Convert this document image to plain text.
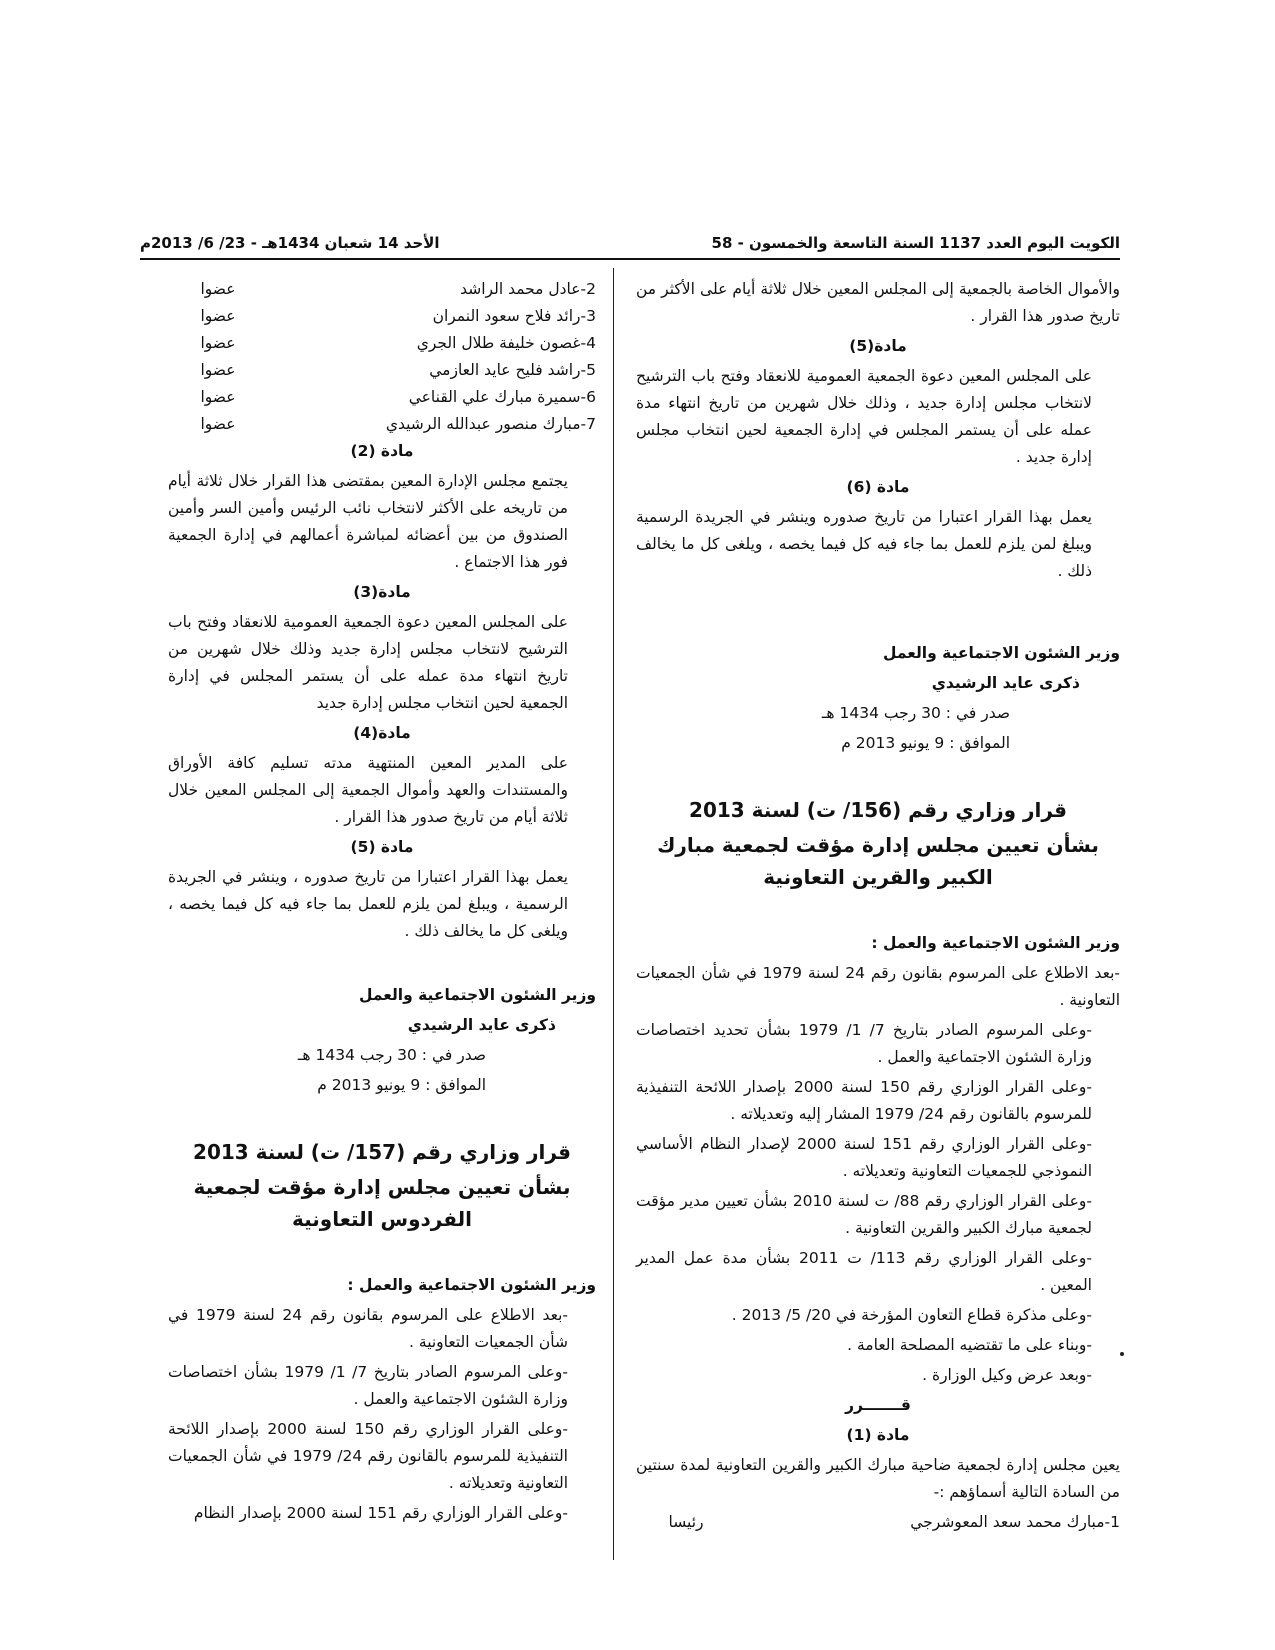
الكويت اليوم العدد 1137 السنة التاسعة والخمسون - 58
الأحد 14 شعبان 1434هـ - 23/ 6/ 2013م

والأموال الخاصة بالجمعية إلى المجلس المعين خلال ثلاثة أيام على الأكثر من تاريخ صدور هذا القرار .

مادة(5)

على المجلس المعين دعوة الجمعية العمومية للانعقاد وفتح باب الترشيح لانتخاب مجلس إدارة جديد ، وذلك خلال شهرين من تاريخ انتهاء مدة عمله على أن يستمر المجلس في إدارة الجمعية لحين انتخاب مجلس إدارة جديد .

مادة (6)

يعمل بهذا القرار اعتبارا من تاريخ صدوره وينشر في الجريدة الرسمية ويبلغ لمن يلزم للعمل بما جاء فيه كل فيما يخصه ، ويلغى كل ما يخالف ذلك .

وزير الشئون الاجتماعية والعمل

ذكرى عايد الرشيدي

صدر في : 30 رجب 1434 هـ

الموافق : 9 يونيو 2013 م

قرار وزاري رقم (156/ ت) لسنة 2013

بشأن تعيين مجلس إدارة مؤقت لجمعية مبارك الكبير والقرين التعاونية

وزير الشئون الاجتماعية والعمل :

-بعد الاطلاع على المرسوم بقانون رقم 24 لسنة 1979 في شأن الجمعيات التعاونية .

-وعلى المرسوم الصادر بتاريخ 7/ 1/ 1979 بشأن تحديد اختصاصات وزارة الشئون الاجتماعية والعمل .

-وعلى القرار الوزاري رقم 150 لسنة 2000 بإصدار اللائحة التنفيذية للمرسوم بالقانون رقم 24/ 1979 المشار إليه وتعديلاته .

-وعلى القرار الوزاري رقم 151 لسنة 2000 لإصدار النظام الأساسي النموذجي للجمعيات التعاونية وتعديلاته .

-وعلى القرار الوزاري رقم 88/ ت لسنة 2010 بشأن تعيين مدير مؤقت لجمعية مبارك الكبير والقرين التعاونية .

-وعلى القرار الوزاري رقم 113/ ت 2011 بشأن مدة عمل المدير المعين .

-وعلى مذكرة قطاع التعاون المؤرخة في 20/ 5/ 2013 .

-وبناء على ما تقتضيه المصلحة العامة .

-وبعد عرض وكيل الوزارة .

قـــــــرر

مادة (1)

يعين مجلس إدارة لجمعية ضاحية مبارك الكبير والقرين التعاونية لمدة سنتين من السادة التالية أسماؤهم :-

1-مبارك محمد سعد المعوشرجي
رئيسا
2-عادل محمد الراشد
عضوا
3-رائد فلاح سعود النمران
عضوا
4-غصون خليفة طلال الجري
عضوا
5-راشد فليح عايد العازمي
عضوا
6-سميرة مبارك علي القناعي
عضوا
7-مبارك منصور عبدالله الرشيدي
عضوا

مادة (2)

يجتمع مجلس الإدارة المعين بمقتضى هذا القرار خلال ثلاثة أيام من تاريخه على الأكثر لانتخاب نائب الرئيس وأمين السر وأمين الصندوق من بين أعضائه لمباشرة أعمالهم في إدارة الجمعية فور هذا الاجتماع .

مادة(3)

على المجلس المعين دعوة الجمعية العمومية للانعقاد وفتح باب الترشيح لانتخاب مجلس إدارة جديد وذلك خلال شهرين من تاريخ انتهاء مدة عمله على أن يستمر المجلس في إدارة الجمعية لحين انتخاب مجلس إدارة جديد

مادة(4)

على المدير المعين المنتهية مدته تسليم كافة الأوراق والمستندات والعهد وأموال الجمعية إلى المجلس المعين خلال ثلاثة أيام من تاريخ صدور هذا القرار .

مادة (5)

يعمل بهذا القرار اعتبارا من تاريخ صدوره ، وينشر في الجريدة الرسمية ، ويبلغ لمن يلزم للعمل بما جاء فيه كل فيما يخصه ، ويلغى كل ما يخالف ذلك .

وزير الشئون الاجتماعية والعمل

ذكرى عايد الرشيدي

صدر في : 30 رجب 1434 هـ

الموافق : 9 يونيو 2013 م

قرار وزاري رقم (157/ ت) لسنة 2013

بشأن تعيين مجلس إدارة مؤقت لجمعية الفردوس التعاونية

وزير الشئون الاجتماعية والعمل :

-بعد الاطلاع على المرسوم بقانون رقم 24 لسنة 1979 في شأن الجمعيات التعاونية .

-وعلى المرسوم الصادر بتاريخ 7/ 1/ 1979 بشأن اختصاصات وزارة الشئون الاجتماعية والعمل .

-وعلى القرار الوزاري رقم 150 لسنة 2000 بإصدار اللائحة التنفيذية للمرسوم بالقانون رقم 24/ 1979 في شأن الجمعيات التعاونية وتعديلاته .

-وعلى القرار الوزاري رقم 151 لسنة 2000 بإصدار النظام
